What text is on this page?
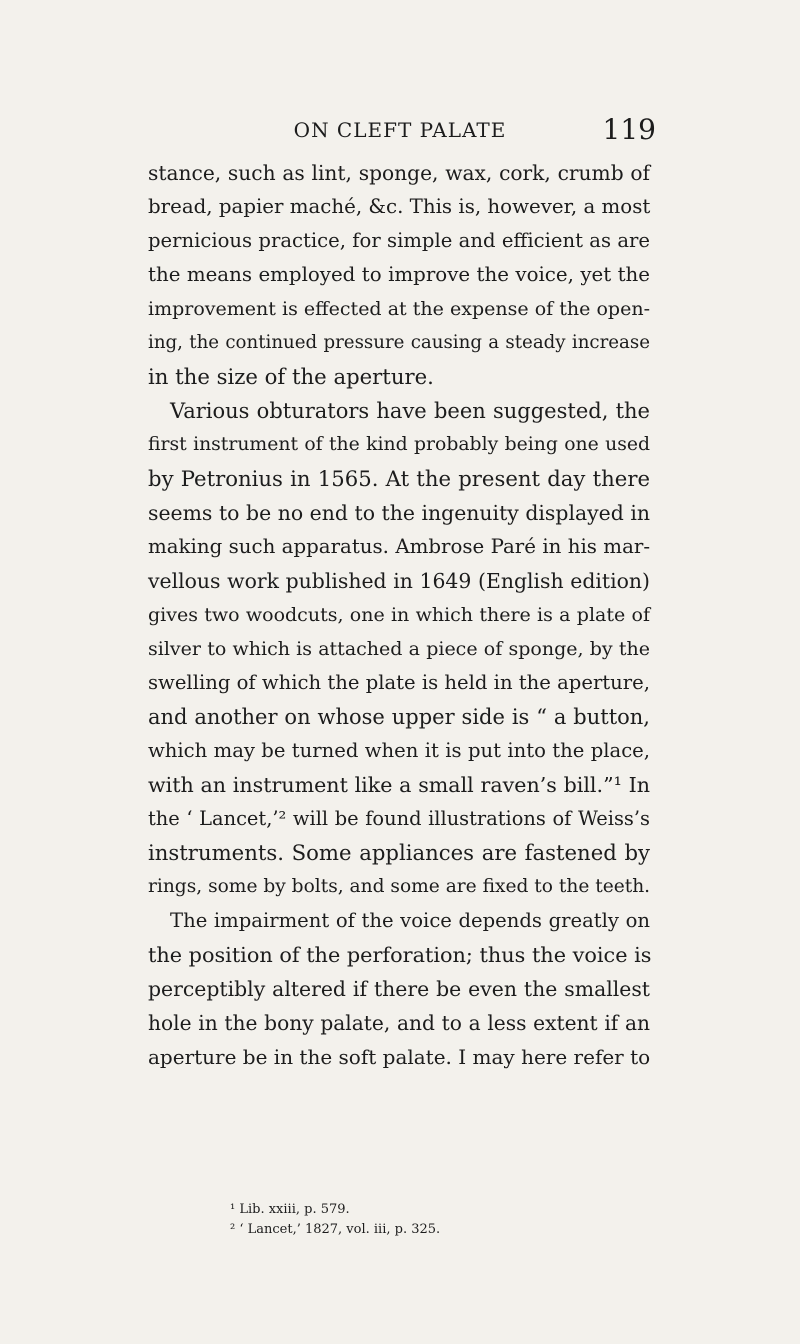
ON CLEFT PALATE	119
stance, such as lint, sponge, wax, cork, crumb of
bread, papier maché, &c. This is, however, a most
pernicious practice, for simple and efficient as are
the means employed to improve the voice, yet the
improvement is effected at the expense of the open-
ing, the continued pressure causing a steady increase
in the size of the aperture.
Various obturators have been suggested, the
first instrument of the kind probably being one used
by Petronius in 1565. At the present day there
seems to be no end to the ingenuity displayed in
making such apparatus. Ambrose Paré in his mar-
vellous work published in 1649 (English edition)
gives two woodcuts, one in which there is a plate of
silver to which is attached a piece of sponge, by the
swelling of which the plate is held in the aperture,
and another on whose upper side is “ a button,
which may be turned when it is put into the place,
with an instrument like a small raven’s bill.”¹ In
the ‘ Lancet,’² will be found illustrations of Weiss’s
instruments. Some appliances are fastened by
rings, some by bolts, and some are fixed to the teeth.
The impairment of the voice depends greatly on
the position of the perforation; thus the voice is
perceptibly altered if there be even the smallest
hole in the bony palate, and to a less extent if an
aperture be in the soft palate. I may here refer to
¹ Lib. xxiii, p. 579.
² ‘ Lancet,’ 1827, vol. iii, p. 325.
